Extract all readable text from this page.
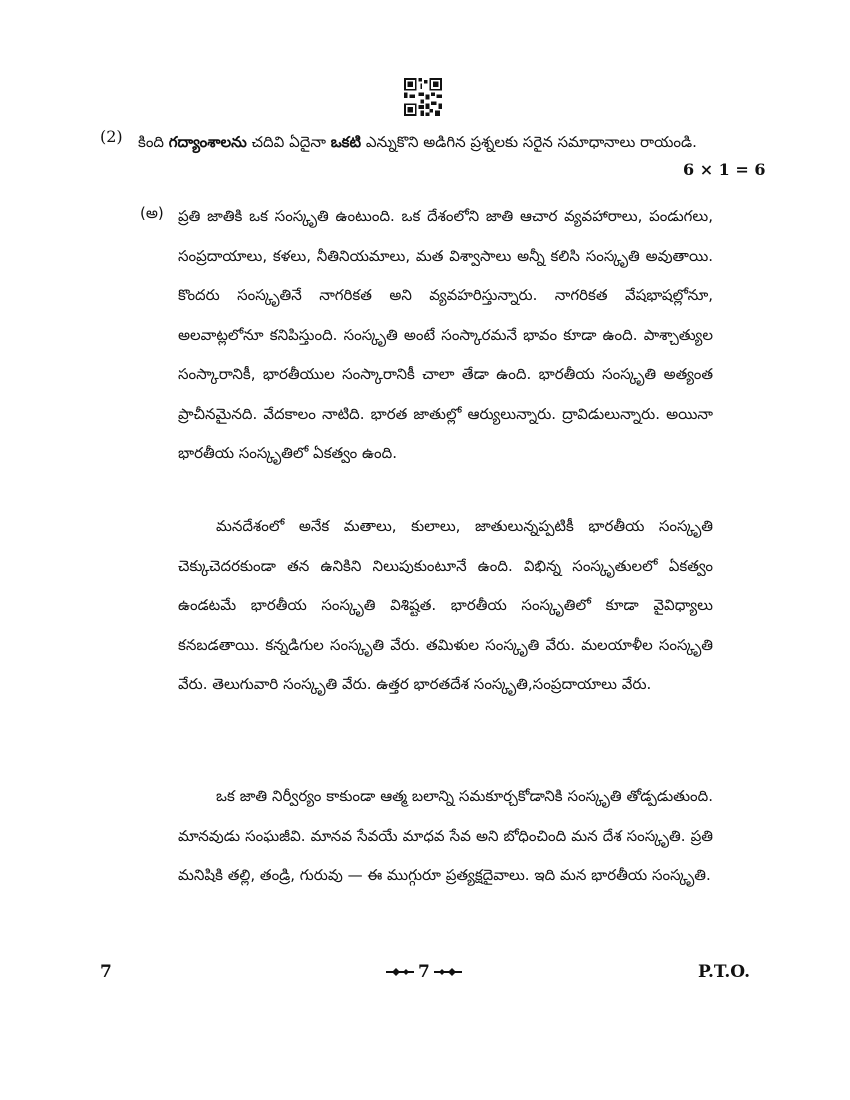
(2) కింది గద్యాంశాలను చదివి ఏదైనా ఒకటి ఎన్నుకొని అడిగిన ప్రశ్నలకు సరైన సమాధానాలు రాయండి.
6 × 1 = 6
(అ) ప్రతి జాతికి ఒక సంస్కృతి ఉంటుంది. ఒక దేశంలోని జాతి ఆచార వ్యవహారాలు, పండుగలు, సంప్రదాయాలు, కళలు, నీతినియమాలు, మత విశ్వాసాలు అన్నీ కలిసి సంస్కృతి అవుతాయి. కొందరు సంస్కృతినే నాగరికత అని వ్యవహరిస్తున్నారు. నాగరికత వేషభాషల్లోనూ, అలవాట్లలోనూ కనిపిస్తుంది. సంస్కృతి అంటే సంస్కారమనే భావం కూడా ఉంది. పాశ్చాత్యుల సంస్కారానికీ, భారతీయుల సంస్కారానికీ చాలా తేడా ఉంది. భారతీయ సంస్కృతి అత్యంత ప్రాచీనమైనది. వేదకాలం నాటిది. భారత జాతుల్లో ఆర్యులున్నారు. ద్రావిడులున్నారు. అయినా భారతీయ సంస్కృతిలో ఏకత్వం ఉంది.

మనదేశంలో అనేక మతాలు, కులాలు, జాతులున్నప్పటికీ భారతీయ సంస్కృతి చెక్కుచెదరకుండా తన ఉనికిని నిలుపుకుంటూనే ఉంది. విభిన్న సంస్కృతులలో ఏకత్వం ఉండటమే భారతీయ సంస్కృతి విశిష్టత. భారతీయ సంస్కృతిలో కూడా వైవిధ్యాలు కనబడతాయి. కన్నడిగుల సంస్కృతి వేరు. తమిళుల సంస్కృతి వేరు. మలయాళీల సంస్కృతి వేరు. తెలుగువారి సంస్కృతి వేరు. ఉత్తర భారతదేశ సంస్కృతి,సంప్రదాయాలు వేరు.

ఒక జాతి నిర్వీర్యం కాకుండా ఆత్మ బలాన్ని సమకూర్చకోడానికి సంస్కృతి తోడ్పడుతుంది. మానవుడు సంఘజీవి. మానవ సేవయే మాధవ సేవ అని బోధించింది మన దేశ సంస్కృతి. ప్రతి మనిషికి తల్లి, తండ్రి, గురువు — ఈ ముగ్గురూ ప్రత్యక్షదైవాలు. ఇది మన భారతీయ సంస్కృతి.

7	7	P.T.O.
